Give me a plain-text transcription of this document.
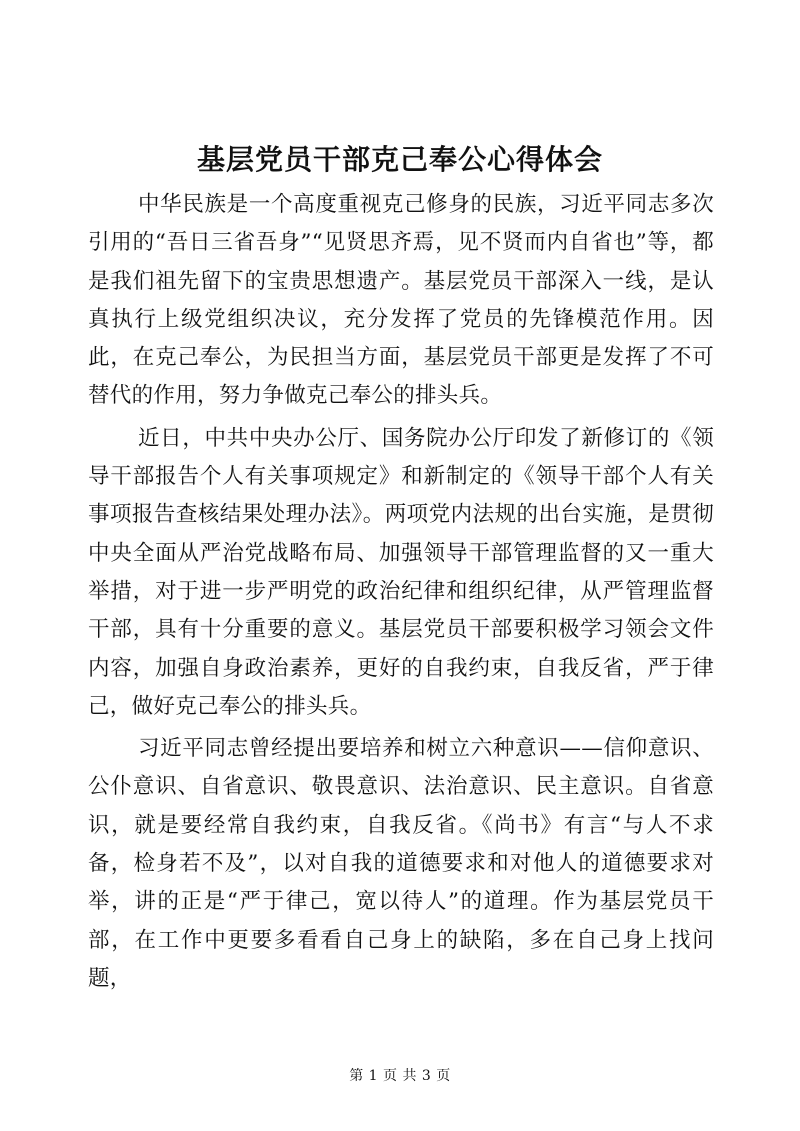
基层党员干部克己奉公心得体会

中华民族是一个高度重视克己修身的民族，习近平同志多次引用的“吾日三省吾身”“见贤思齐焉，见不贤而内自省也”等，都是我们祖先留下的宝贵思想遗产。基层党员干部深入一线，是认真执行上级党组织决议，充分发挥了党员的先锋模范作用。因此，在克己奉公，为民担当方面，基层党员干部更是发挥了不可替代的作用，努力争做克己奉公的排头兵。

近日，中共中央办公厅、国务院办公厅印发了新修订的《领导干部报告个人有关事项规定》和新制定的《领导干部个人有关事项报告查核结果处理办法》。两项党内法规的出台实施，是贯彻中央全面从严治党战略布局、加强领导干部管理监督的又一重大举措，对于进一步严明党的政治纪律和组织纪律，从严管理监督干部，具有十分重要的意义。基层党员干部要积极学习领会文件内容，加强自身政治素养，更好的自我约束，自我反省，严于律己，做好克己奉公的排头兵。

习近平同志曾经提出要培养和树立六种意识——信仰意识、公仆意识、自省意识、敬畏意识、法治意识、民主意识。自省意识，就是要经常自我约束，自我反省。《尚书》有言“与人不求备，检身若不及”，以对自我的道德要求和对他人的道德要求对举，讲的正是“严于律己，宽以待人”的道理。作为基层党员干部，在工作中更要多看看自己身上的缺陷，多在自己身上找问题，

第 1 页 共 3 页
